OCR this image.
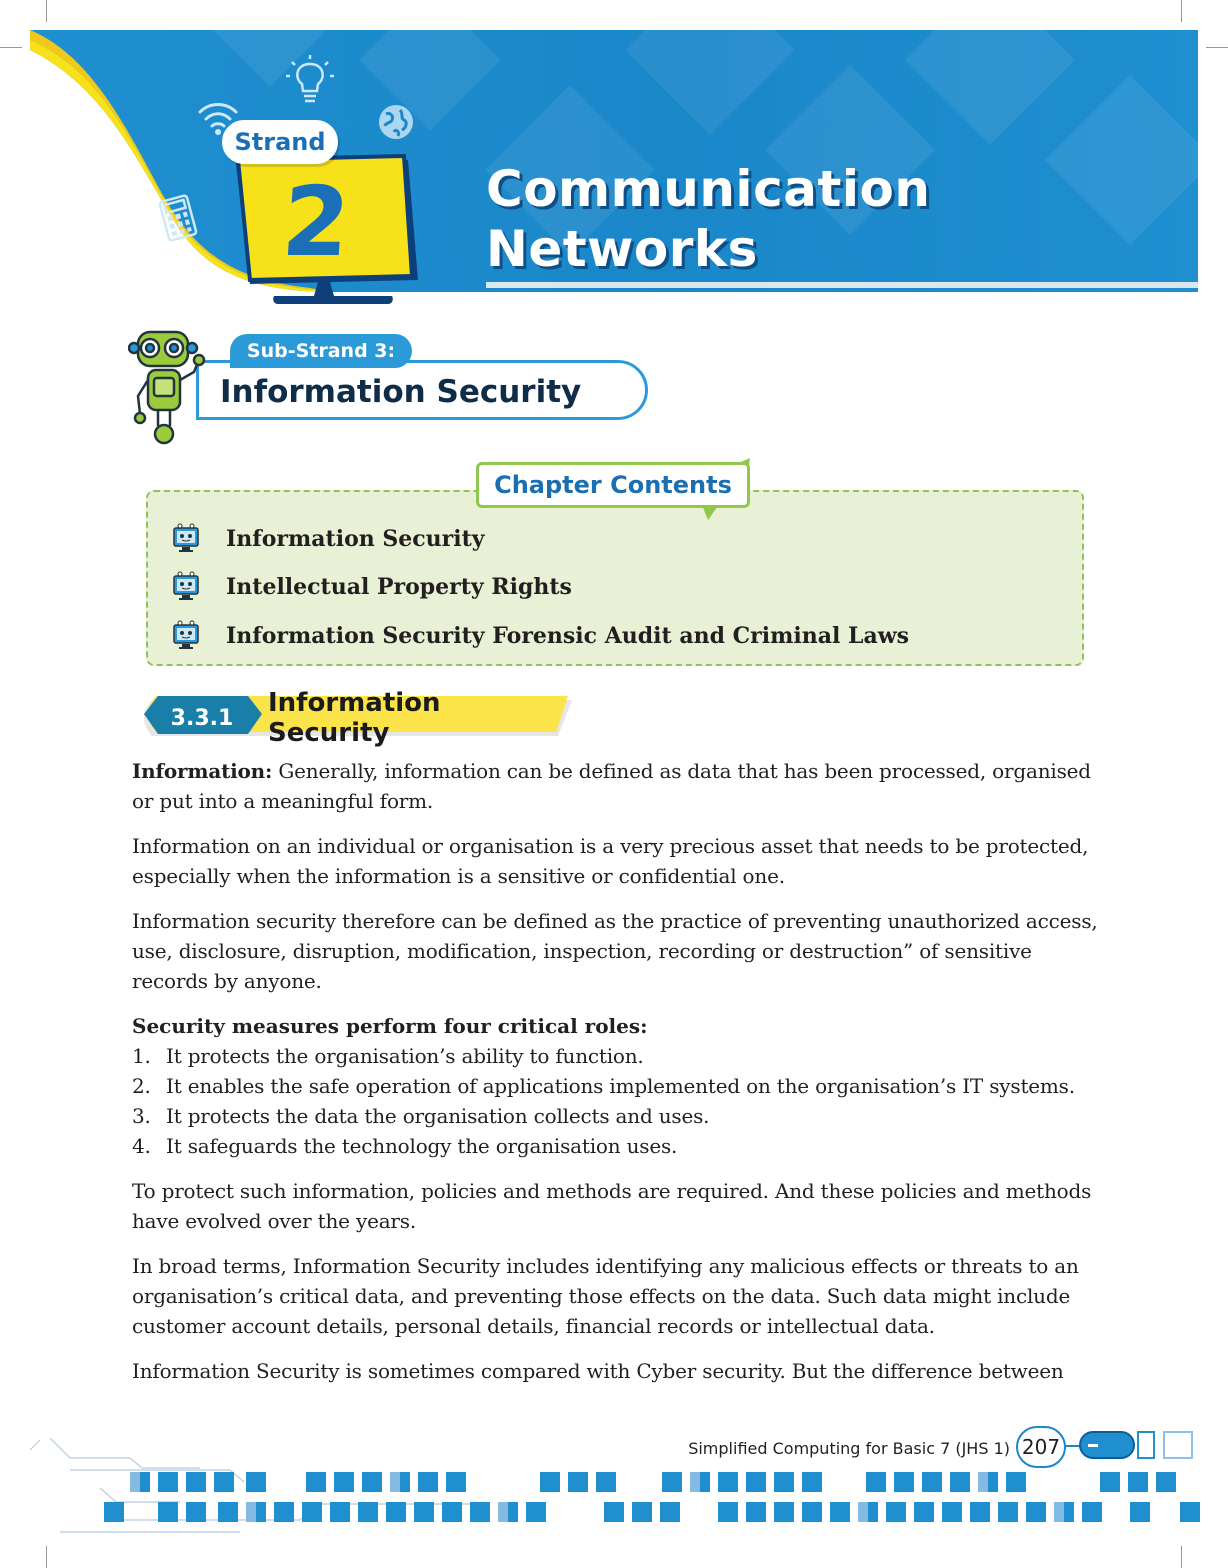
Strand
2	Communication
Networks
Sub-Strand 3:
Information Security
Chapter Contents
Information Security
Intellectual Property Rights
Information Security Forensic Audit and Criminal Laws
3.3.1	Information Security

Information: Generally, information can be defined as data that has been processed, organised or put into a meaningful form.

Information on an individual or organisation is a very precious asset that needs to be protected, especially when the information is a sensitive or confidential one.

Information security therefore can be defined as the practice of preventing unauthorized access, use, disclosure, disruption, modification, inspection, recording or destruction” of sensitive records by anyone.

Security measures perform four critical roles:

1. It protects the organisation’s ability to function.
2. It enables the safe operation of applications implemented on the organisation’s IT systems.
3. It protects the data the organisation collects and uses.
4. It safeguards the technology the organisation uses.

To protect such information, policies and methods are required. And these policies and methods have evolved over the years.

In broad terms, Information Security includes identifying any malicious effects or threats to an organisation’s critical data, and preventing those effects on the data. Such data might include customer account details, personal details, financial records or intellectual data.

Information Security is sometimes compared with Cyber security. But the difference between

Simplified Computing for Basic 7 (JHS 1) 207
